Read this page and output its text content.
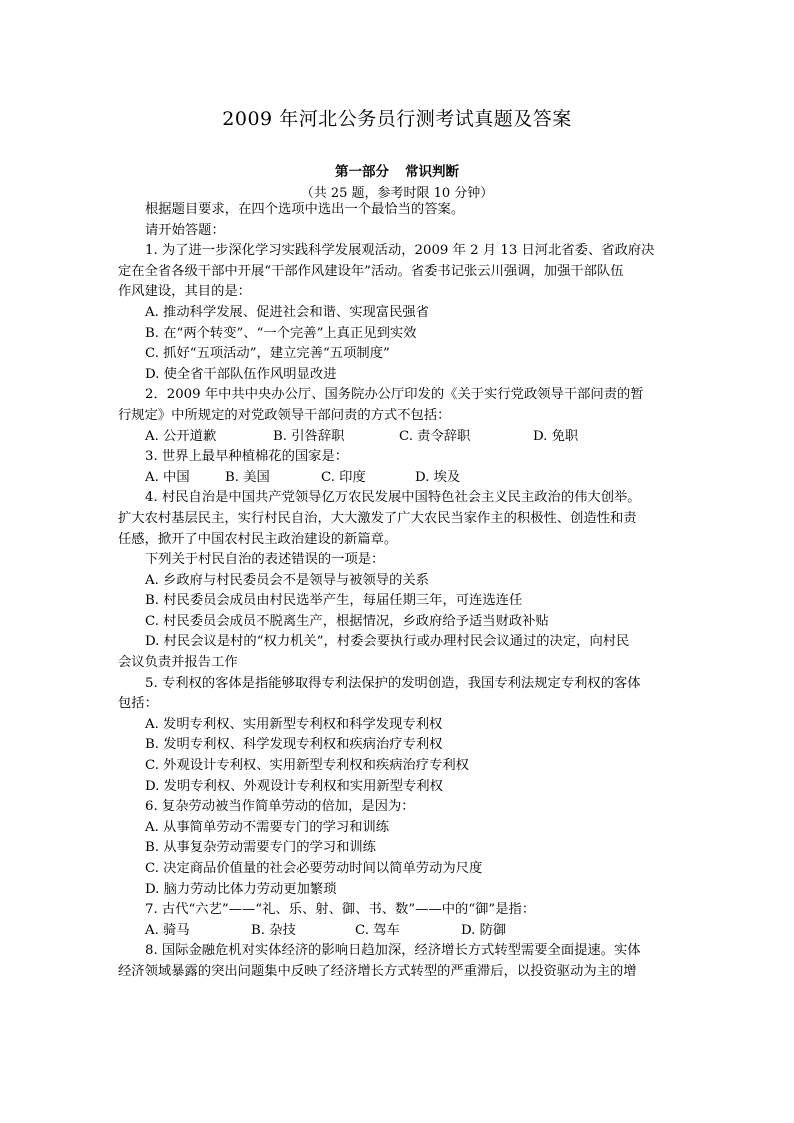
2009 年河北公务员行测考试真题及答案
第一部分 常识判断
（共 25 题，参考时限 10 分钟）
根据题目要求，在四个选项中选出一个最恰当的答案。
请开始答题：
1. 为了进一步深化学习实践科学发展观活动，2009 年 2 月 13 日河北省委、省政府决
定在全省各级干部中开展“干部作风建设年”活动。省委书记张云川强调，加强干部队伍
作风建设，其目的是：
A. 推动科学发展、促进社会和谐、实现富民强省
B. 在“两个转变”、“一个完善”上真正见到实效
C. 抓好“五项活动”，建立完善“五项制度”
D. 使全省干部队伍作风明显改进
2．2009 年中共中央办公厅、国务院办公厅印发的《关于实行党政领导干部问责的暂
行规定》中所规定的对党政领导干部问责的方式不包括：
A. 公开道歉	B. 引咎辞职	C. 责令辞职	D. 免职
3. 世界上最早种植棉花的国家是：
A. 中国	B. 美国	C. 印度	D. 埃及
4. 村民自治是中国共产党领导亿万农民发展中国特色社会主义民主政治的伟大创举。
扩大农村基层民主，实行村民自治，大大激发了广大农民当家作主的积极性、创造性和责
任感，掀开了中国农村民主政治建设的新篇章。
下列关于村民自治的表述错误的一项是：
A. 乡政府与村民委员会不是领导与被领导的关系
B. 村民委员会成员由村民选举产生，每届任期三年，可连选连任
C. 村民委员会成员不脱离生产，根据情况，乡政府给予适当财政补贴
D. 村民会议是村的“权力机关”，村委会要执行或办理村民会议通过的决定，向村民
会议负责并报告工作
5. 专利权的客体是指能够取得专利法保护的发明创造，我国专利法规定专利权的客体
包括：
A. 发明专利权、实用新型专利权和科学发现专利权
B. 发明专利权、科学发现专利权和疾病治疗专利权
C. 外观设计专利权、实用新型专利权和疾病治疗专利权
D. 发明专利权、外观设计专利权和实用新型专利权
6. 复杂劳动被当作简单劳动的倍加，是因为：
A. 从事简单劳动不需要专门的学习和训练
B. 从事复杂劳动需要专门的学习和训练
C. 决定商品价值量的社会必要劳动时间以简单劳动为尺度
D. 脑力劳动比体力劳动更加繁琐
7. 古代“六艺”——“礼、乐、射、御、书、数”——中的“御”是指：
A. 骑马	B. 杂技	C. 驾车	D. 防御
8. 国际金融危机对实体经济的影响日趋加深，经济增长方式转型需要全面提速。实体
经济领域暴露的突出问题集中反映了经济增长方式转型的严重滞后，以投资驱动为主的增
